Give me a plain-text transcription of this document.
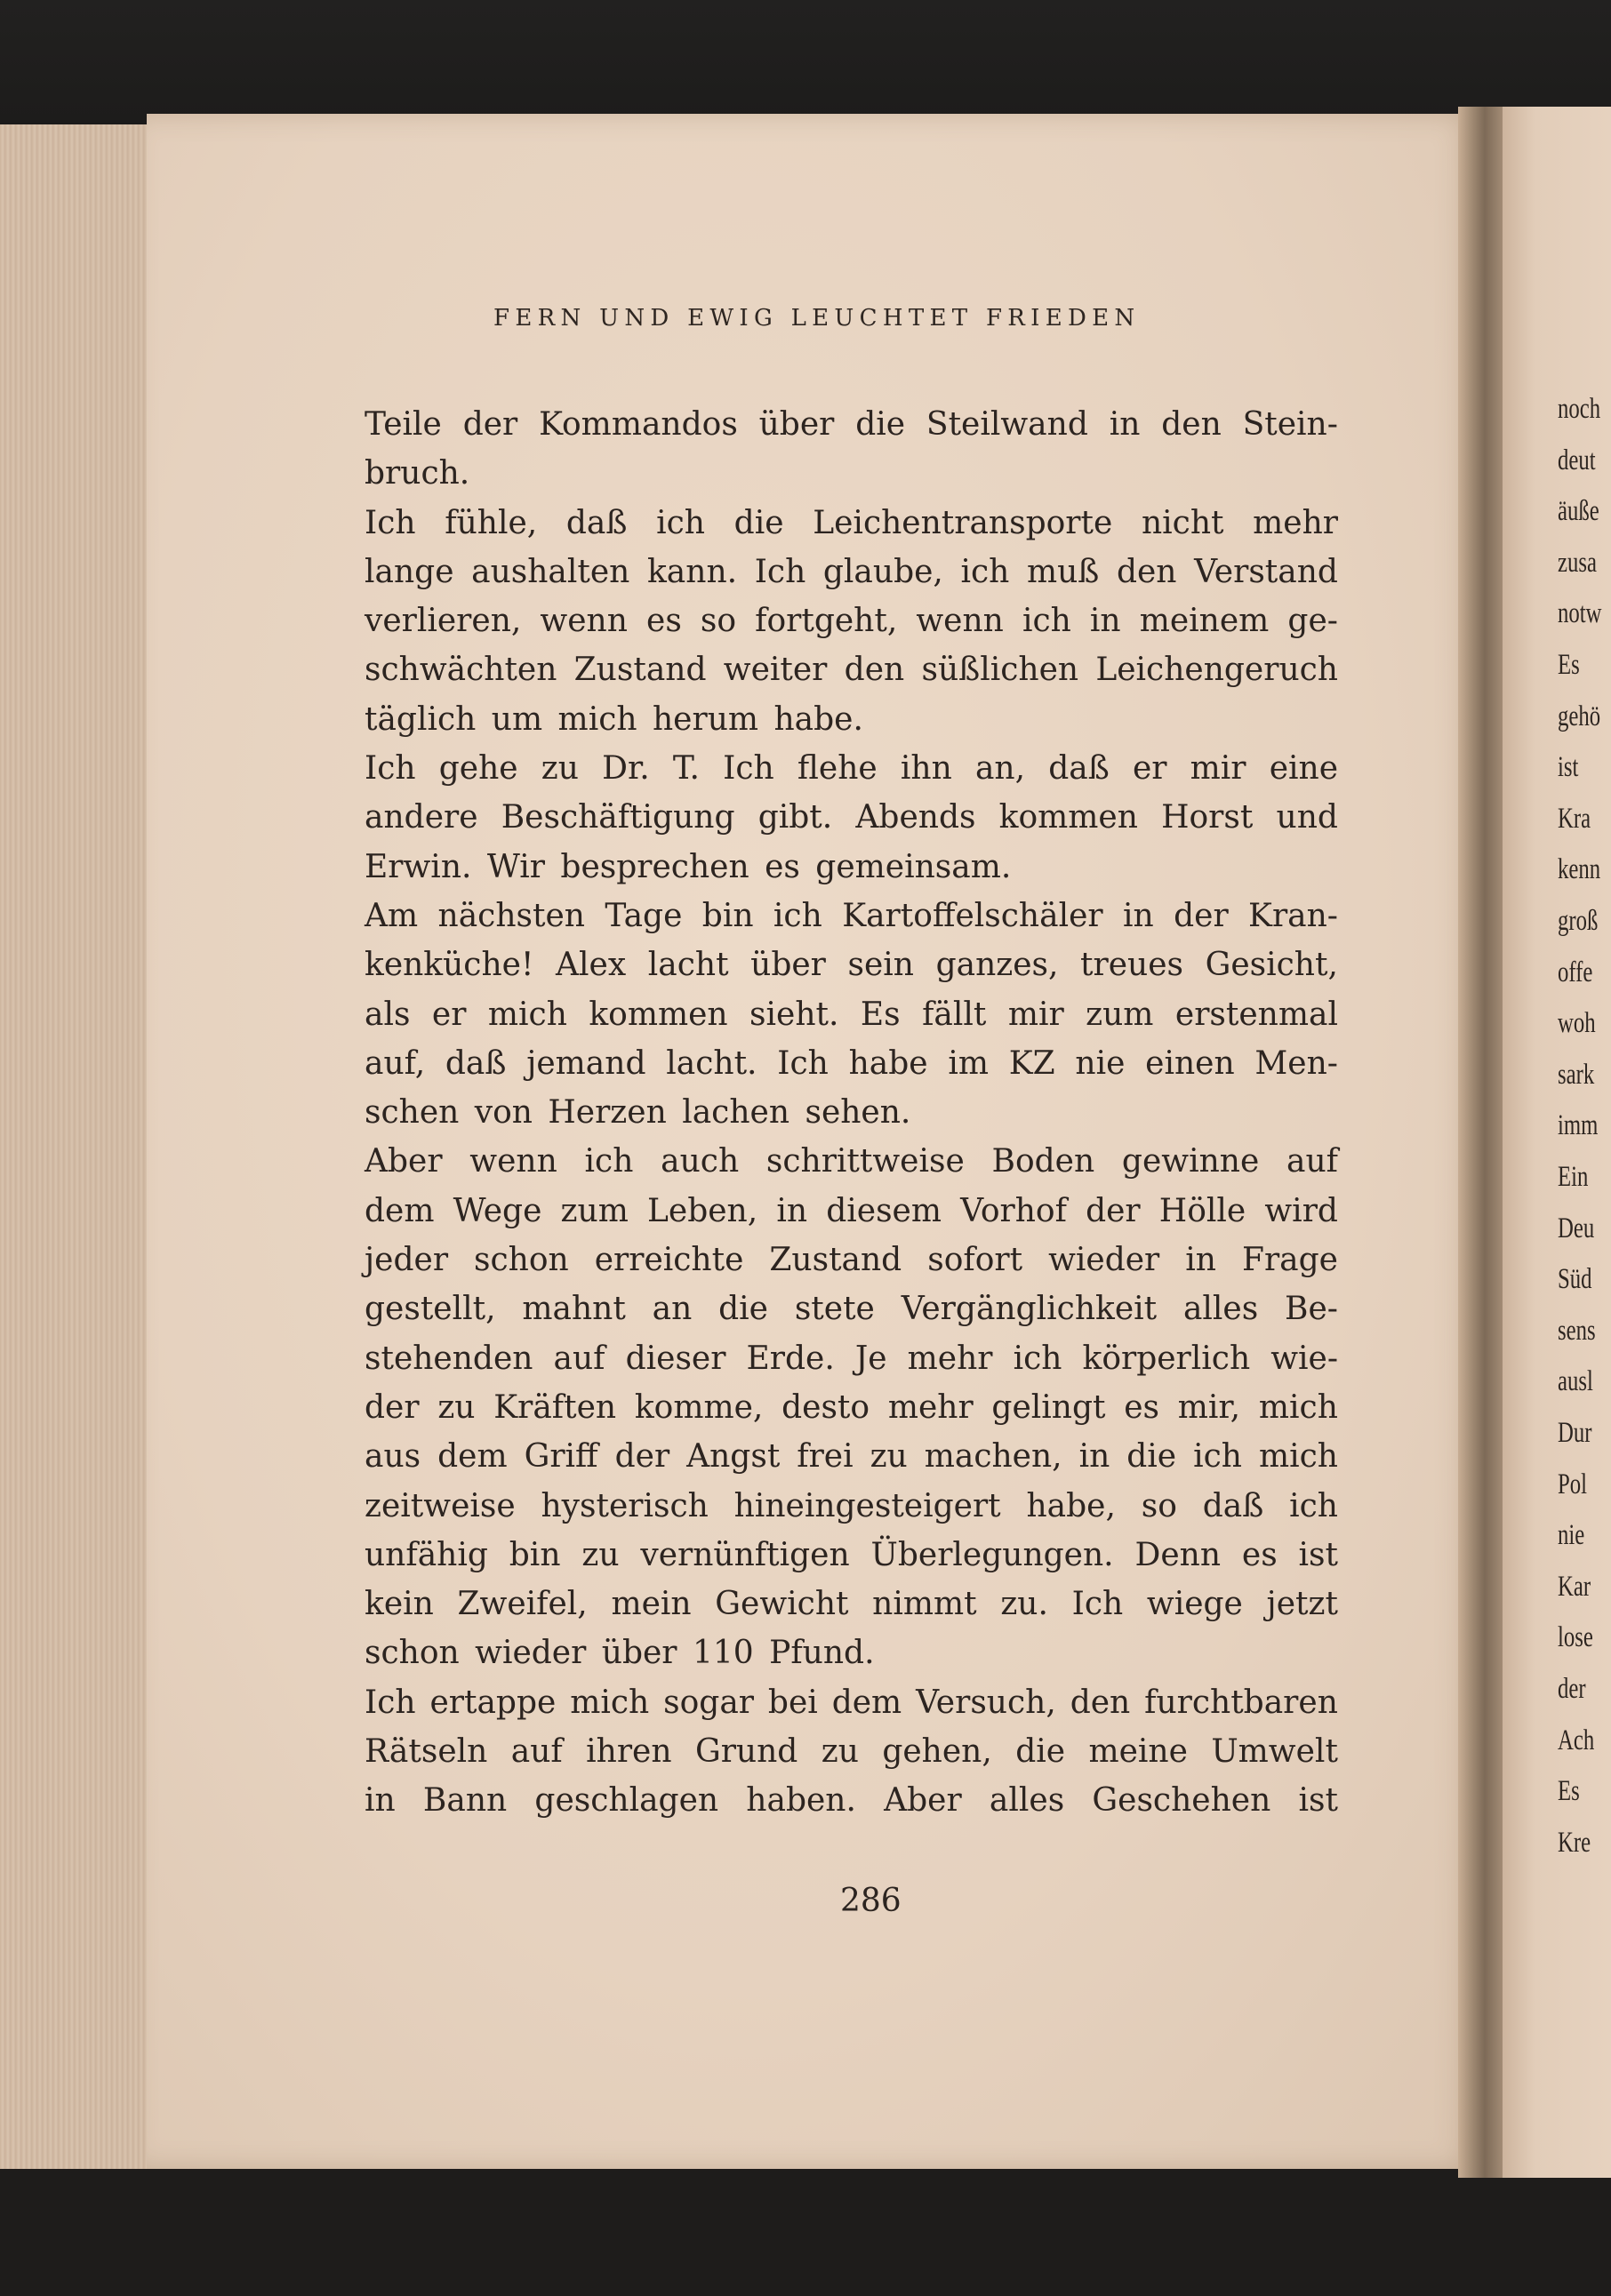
noch
deut
äuße
zusa
notw
Es
gehö
ist
Kra
kenn
groß
offe
woh
sark
imm
Ein
Deu
Süd
sens
ausl
Dur
Pol
nie
Kar
lose
der
Ach
Es
Kre
FERN UND EWIG LEUCHTET FRIEDEN
Teile der Kommandos über die Steilwand in den Stein-
bruch.
Ich fühle, daß ich die Leichentransporte nicht mehr
lange aushalten kann. Ich glaube, ich muß den Verstand
verlieren, wenn es so fortgeht, wenn ich in meinem ge-
schwächten Zustand weiter den süßlichen Leichengeruch
täglich um mich herum habe.
Ich gehe zu Dr. T. Ich flehe ihn an, daß er mir eine
andere Beschäftigung gibt. Abends kommen Horst und
Erwin. Wir besprechen es gemeinsam.
Am nächsten Tage bin ich Kartoffelschäler in der Kran-
kenküche! Alex lacht über sein ganzes, treues Gesicht,
als er mich kommen sieht. Es fällt mir zum erstenmal
auf, daß jemand lacht. Ich habe im KZ nie einen Men-
schen von Herzen lachen sehen.
Aber wenn ich auch schrittweise Boden gewinne auf
dem Wege zum Leben, in diesem Vorhof der Hölle wird
jeder schon erreichte Zustand sofort wieder in Frage
gestellt, mahnt an die stete Vergänglichkeit alles Be-
stehenden auf dieser Erde. Je mehr ich körperlich wie-
der zu Kräften komme, desto mehr gelingt es mir, mich
aus dem Griff der Angst frei zu machen, in die ich mich
zeitweise hysterisch hineingesteigert habe, so daß ich
unfähig bin zu vernünftigen Überlegungen. Denn es ist
kein Zweifel, mein Gewicht nimmt zu. Ich wiege jetzt
schon wieder über 110 Pfund.
Ich ertappe mich sogar bei dem Versuch, den furchtbaren
Rätseln auf ihren Grund zu gehen, die meine Umwelt
in Bann geschlagen haben. Aber alles Geschehen ist
286
